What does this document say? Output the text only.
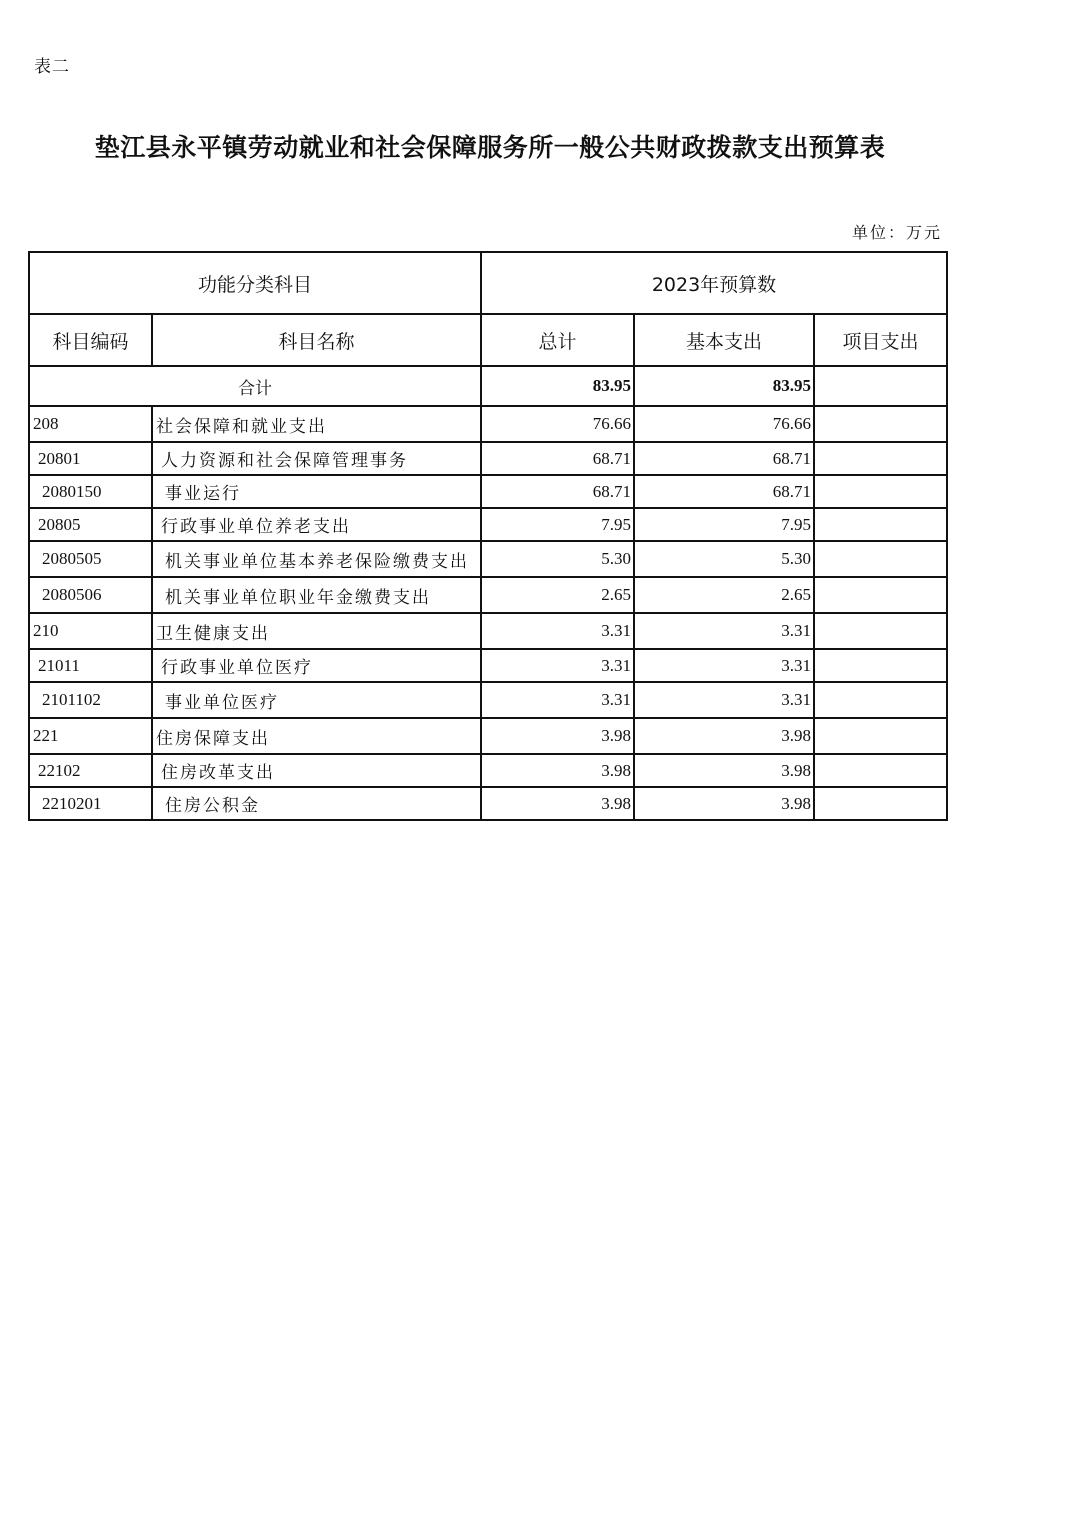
表二
垫江县永平镇劳动就业和社会保障服务所一般公共财政拨款支出预算表
单位：万元
功能分类科目		2023年预算数		
科目编码	科目名称	总计	基本支出	项目支出
合计		83.95	83.95	
208	社会保障和就业支出	76.66	76.66	
20801	人力资源和社会保障管理事务	68.71	68.71	
2080150	事业运行	68.71	68.71	
20805	行政事业单位养老支出	7.95	7.95	
2080505	机关事业单位基本养老保险缴费支出	5.30	5.30	
2080506	机关事业单位职业年金缴费支出	2.65	2.65	
210	卫生健康支出	3.31	3.31	
21011	行政事业单位医疗	3.31	3.31	
2101102	事业单位医疗	3.31	3.31	
221	住房保障支出	3.98	3.98	
22102	住房改革支出	3.98	3.98	
2210201	住房公积金	3.98	3.98	
